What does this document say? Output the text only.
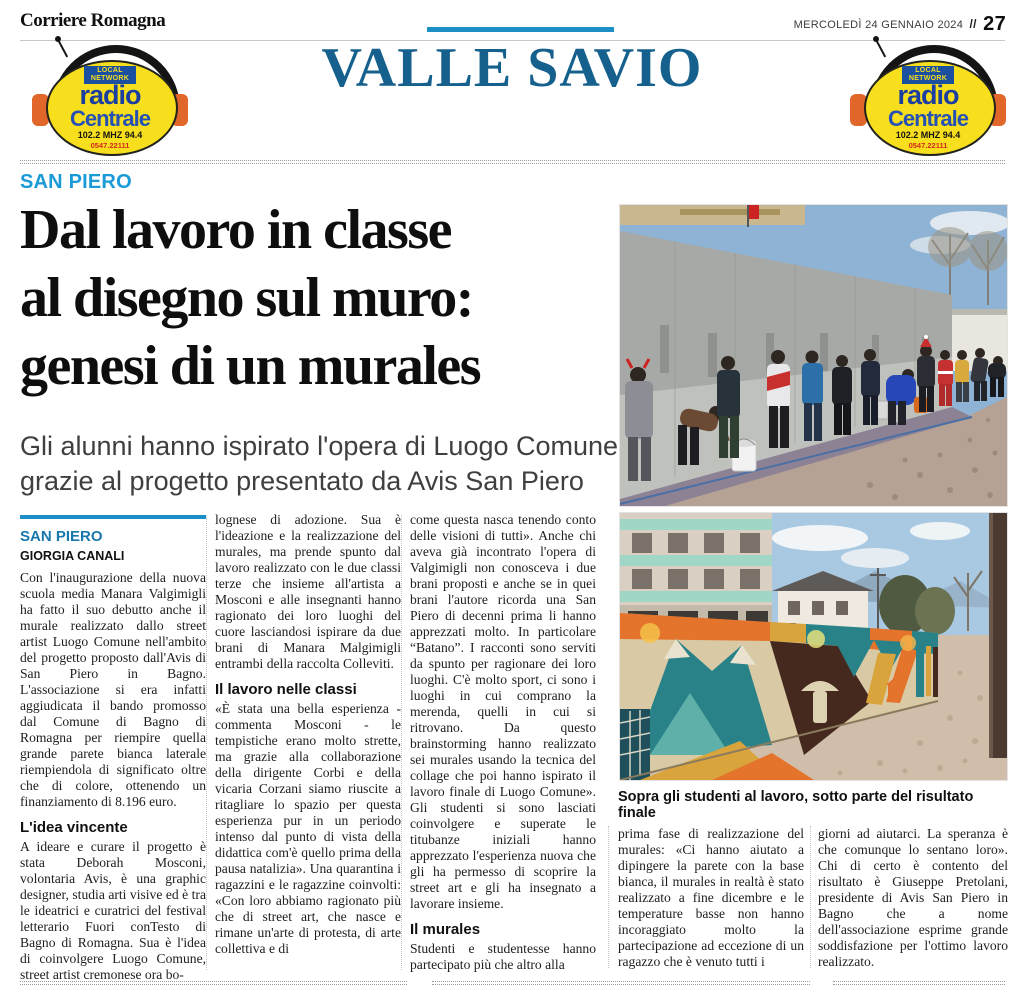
Corriere Romagna	MERCOLEDÌ 24 GENNAIO 2024 // 27
VALLE SAVIO
LOCAL NETWORK
radio
Centrale
102.2 MHZ 94.4
0547.22111
LOCAL NETWORK
radio
Centrale
102.2 MHZ 94.4
0547.22111
SAN PIERO
Dal lavoro in classe
al disegno sul muro:
genesi di un murales
Gli alunni hanno ispirato l'opera di Luogo Comune
grazie al progetto presentato da Avis San Piero
SAN PIERO
GIORGIA CANALI

Con l'inaugurazione della nuova scuola media Manara Valgimigli ha fatto il suo debutto anche il murale realizzato dallo street artist Luogo Comune nell'ambito del progetto proposto dall'Avis di San Piero in Bagno. L'associazione si era infatti aggiudicata il bando promosso dal Comune di Bagno di Romagna per riempire quella grande parete bianca laterale riempiendola di significato oltre che di colore, ottenendo un finanziamento di 8.196 euro.

L'idea vincente

A ideare e curare il progetto è stata Deborah Mosconi, volontaria Avis, è una graphic designer, studia arti visive ed è tra le ideatrici e curatrici del festival letterario Fuori conTesto di Bagno di Romagna. Sua è l'idea di coinvolgere Luogo Comune, street artist cremonese ora bo-

lognese di adozione. Sua è l'ideazione e la realizzazione del murales, ma prende spunto dal lavoro realizzato con le due classi terze che insieme all'artista a Mosconi e alle insegnanti hanno ragionato dei loro luoghi del cuore lasciandosi ispirare da due brani di Manara Malgimigli entrambi della raccolta Colleviti.

Il lavoro nelle classi

«È stata una bella esperienza - commenta Mosconi - le tempistiche erano molto strette, ma grazie alla collaborazione della dirigente Corbi e della vicaria Corzani siamo riuscite a ritagliare lo spazio per questa esperienza pur in un periodo intenso dal punto di vista della didattica com'è quello prima della pausa natalizia». Una quarantina i ragazzini e le ragazzine coinvolti: «Con loro abbiamo ragionato più che di street art, che nasce e rimane un'arte di protesta, di arte collettiva e di

come questa nasca tenendo conto delle visioni di tutti». Anche chi aveva già incontrato l'opera di Valgimigli non conosceva i due brani proposti e anche se in quei brani l'autore ricorda una San Piero di decenni prima li hanno apprezzati molto. In particolare “Batano”. I racconti sono serviti da spunto per ragionare dei loro luoghi. C'è molto sport, ci sono i luoghi in cui comprano la merenda, quelli in cui si ritrovano. Da questo brainstorming hanno realizzato sei murales usando la tecnica del collage che poi hanno ispirato il lavoro finale di Luogo Comune». Gli studenti si sono lasciati coinvolgere e superate le titubanze iniziali hanno apprezzato l'esperienza nuova che gli ha permesso di scoprire la street art e gli ha insegnato a lavorare insieme.

Il murales

Studenti e studentesse hanno partecipato più che altro alla

prima fase di realizzazione del murales: «Ci hanno aiutato a dipingere la parete con la base bianca, il murales in realtà è stato realizzato a fine dicembre e le temperature basse non hanno incoraggiato molto la partecipazione ad eccezione di un ragazzo che è venuto tutti i

giorni ad aiutarci. La speranza è che comunque lo sentano loro». Chi di certo è contento del risultato è Giuseppe Pretolani, presidente di Avis San Piero in Bagno che a nome dell'associazione esprime grande soddisfazione per l'ottimo lavoro realizzato.

Sopra gli studenti al lavoro, sotto parte del risultato finale
